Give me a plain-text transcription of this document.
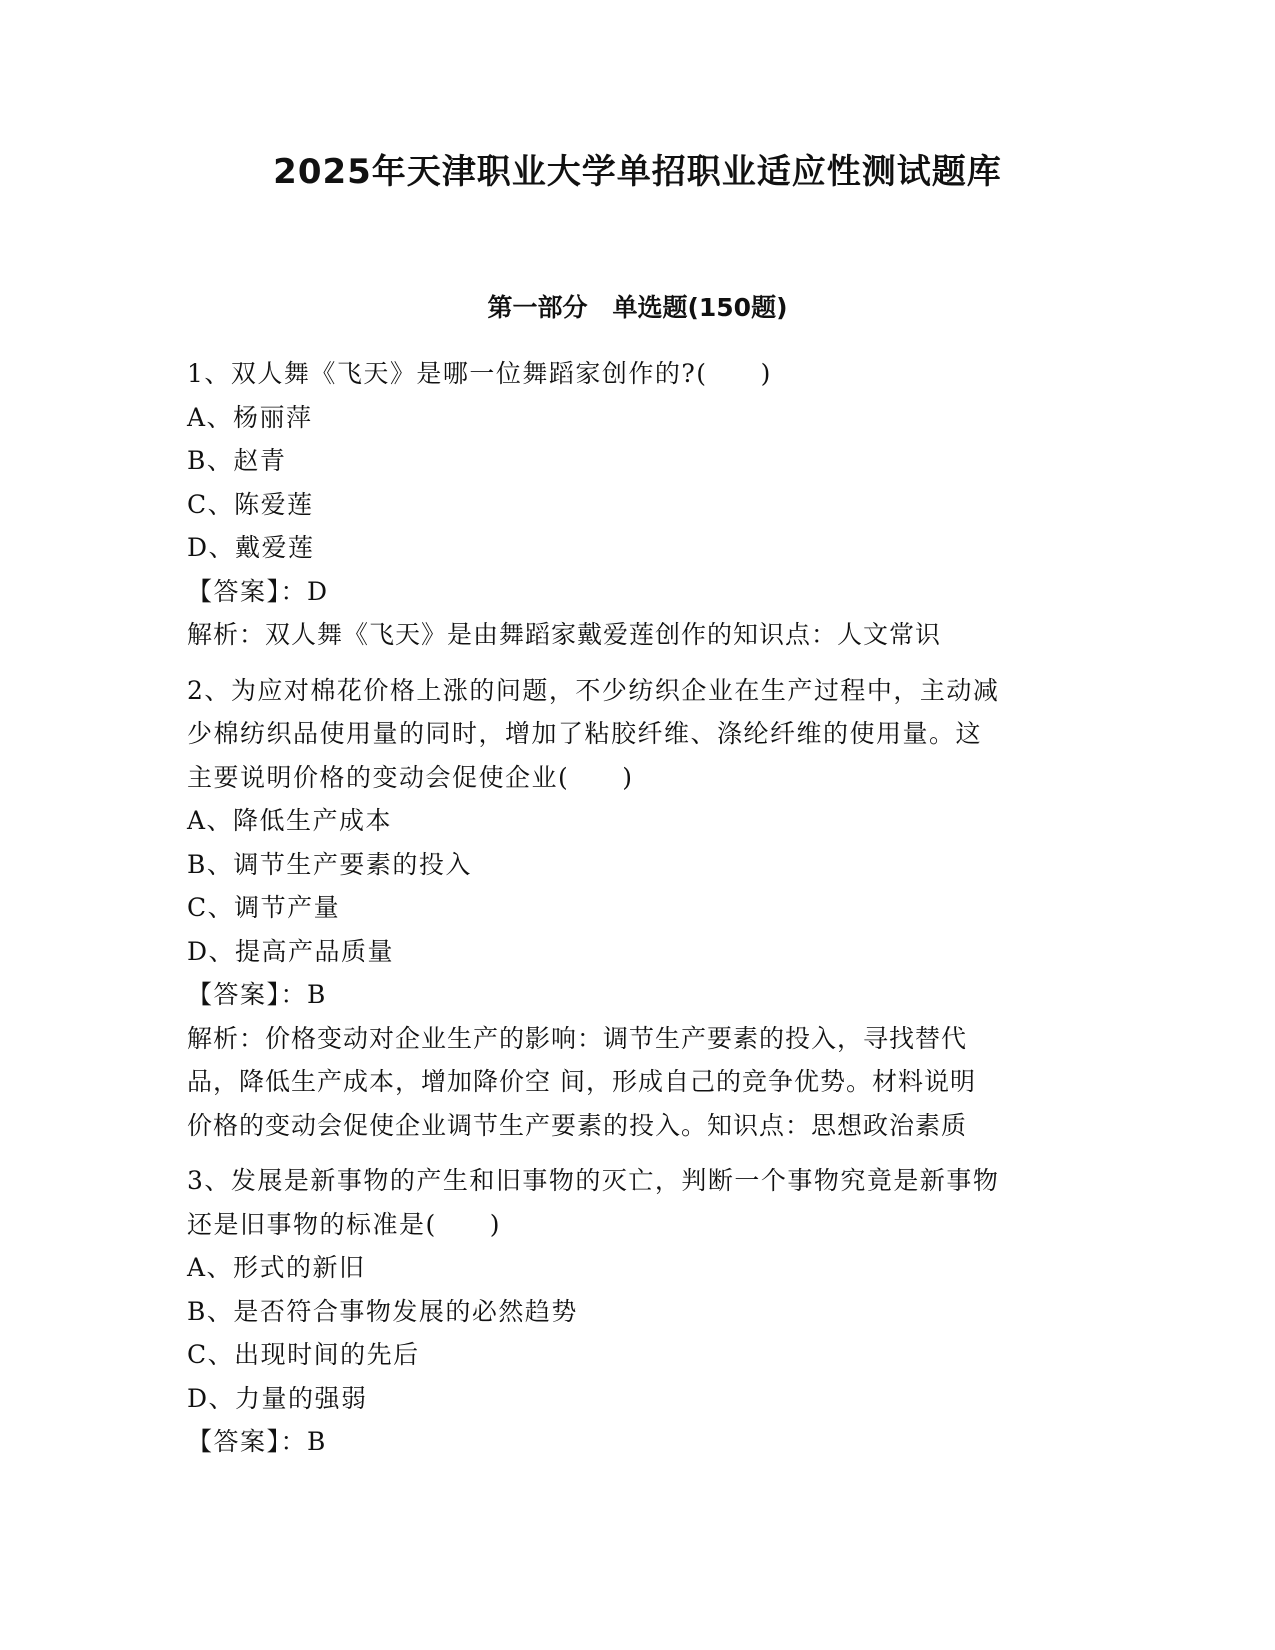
2025年天津职业大学单招职业适应性测试题库
第一部分　单选题(150题)
1、双人舞《飞天》是哪一位舞蹈家创作的?(　　)
A、杨丽萍
B、赵青
C、陈爱莲
D、戴爱莲
【答案】：D
解析：双人舞《飞天》是由舞蹈家戴爱莲创作的知识点：人文常识
2、为应对棉花价格上涨的问题，不少纺织企业在生产过程中，主动减
少棉纺织品使用量的同时，增加了粘胶纤维、涤纶纤维的使用量。这
主要说明价格的变动会促使企业(　　)
A、降低生产成本
B、调节生产要素的投入
C、调节产量
D、提高产品质量
【答案】：B
解析：价格变动对企业生产的影响：调节生产要素的投入，寻找替代
品，降低生产成本，增加降价空 间，形成自己的竞争优势。材料说明
价格的变动会促使企业调节生产要素的投入。知识点：思想政治素质
3、发展是新事物的产生和旧事物的灭亡，判断一个事物究竟是新事物
还是旧事物的标准是(　　)
A、形式的新旧
B、是否符合事物发展的必然趋势
C、出现时间的先后
D、力量的强弱
【答案】：B
